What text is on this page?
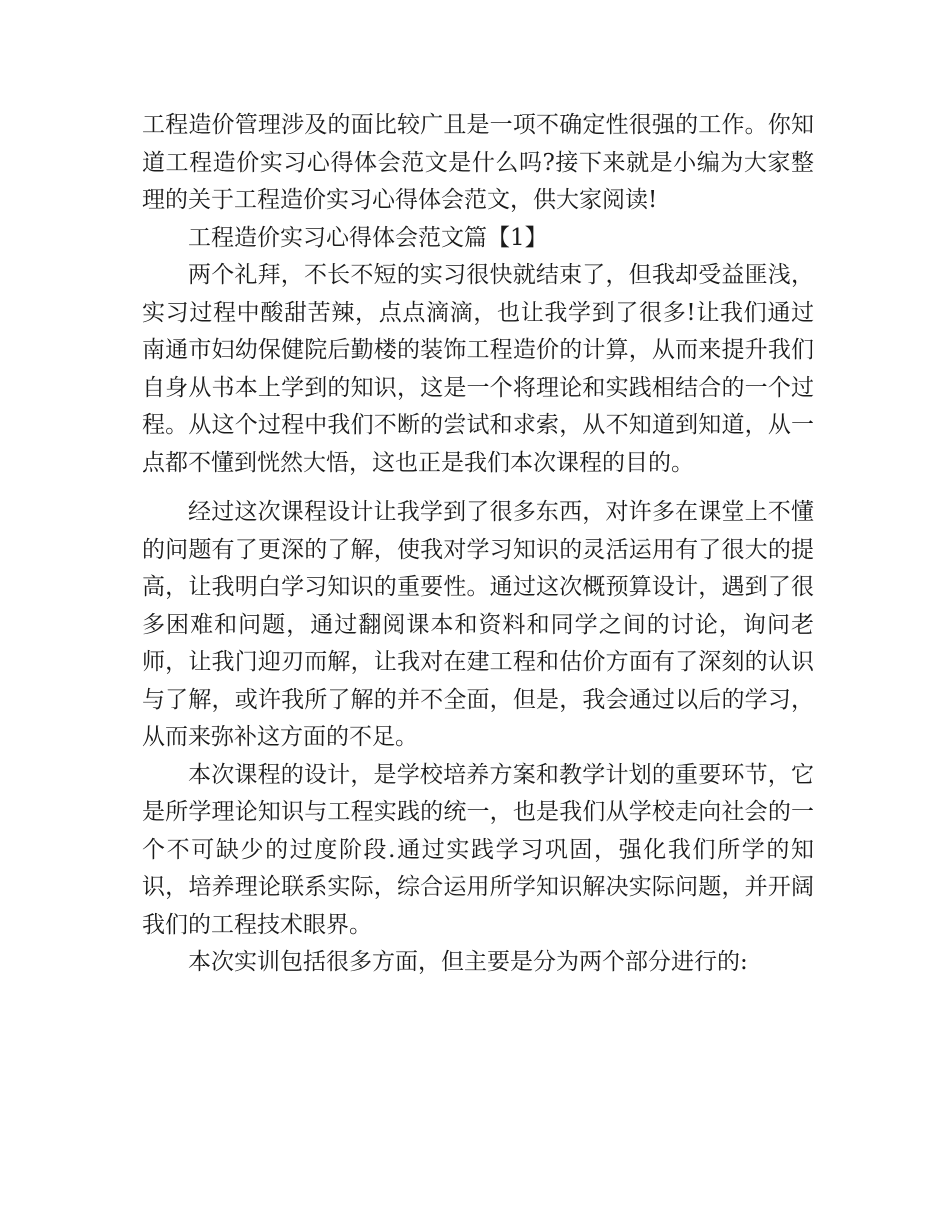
工程造价管理涉及的面比较广且是一项不确定性很强的工作。你知道工程造价实习心得体会范文是什么吗?接下来就是小编为大家整理的关于工程造价实习心得体会范文，供大家阅读!

工程造价实习心得体会范文篇【1】

两个礼拜，不长不短的实习很快就结束了，但我却受益匪浅，实习过程中酸甜苦辣，点点滴滴，也让我学到了很多!让我们通过南通市妇幼保健院后勤楼的装饰工程造价的计算，从而来提升我们自身从书本上学到的知识，这是一个将理论和实践相结合的一个过程。从这个过程中我们不断的尝试和求索，从不知道到知道，从一点都不懂到恍然大悟，这也正是我们本次课程的目的。

经过这次课程设计让我学到了很多东西，对许多在课堂上不懂的问题有了更深的了解，使我对学习知识的灵活运用有了很大的提高，让我明白学习知识的重要性。通过这次概预算设计，遇到了很多困难和问题，通过翻阅课本和资料和同学之间的讨论，询问老师，让我门迎刃而解，让我对在建工程和估价方面有了深刻的认识与了解，或许我所了解的并不全面，但是，我会通过以后的学习，从而来弥补这方面的不足。

本次课程的设计，是学校培养方案和教学计划的重要环节，它是所学理论知识与工程实践的统一，也是我们从学校走向社会的一个不可缺少的过度阶段.通过实践学习巩固，强化我们所学的知识，培养理论联系实际，综合运用所学知识解决实际问题，并开阔我们的工程技术眼界。

本次实训包括很多方面，但主要是分为两个部分进行的:
